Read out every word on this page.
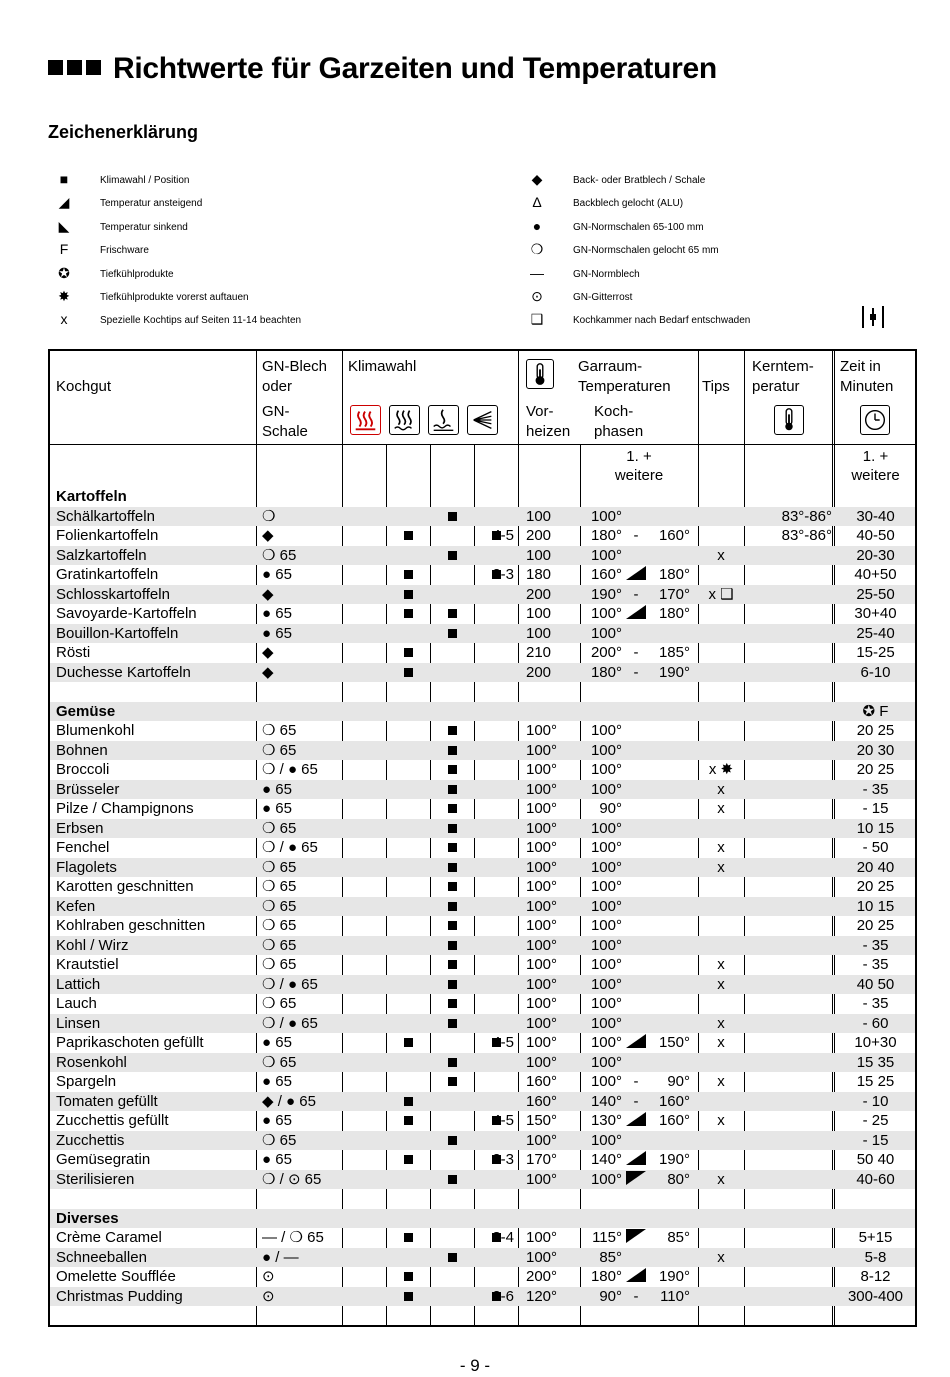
Richtwerte für Garzeiten und Temperaturen
Zeichenerklärung
■	Klimawahl / Position
◢	Temperatur ansteigend
◣	Temperatur sinkend
F	Frischware
✪	Tiefkühlprodukte
✸	Tiefkühlprodukte vorerst auftauen
x	Spezielle Kochtips auf Seiten 11-14 beachten
◆	Back- oder Bratblech / Schale
Δ	Backblech gelocht (ALU)
●	GN-Normschalen 65-100 mm
❍	GN-Normschalen gelocht 65 mm
—	GN-Normblech
⊙	GN-Gitterrost
❑	Kochkammer nach Bedarf entschwaden
Kochgut
GN-Blech
oder
GN-
Schale
Klimawahl	Garraum-
Temperaturen
Vor-
heizen
Koch-
phasen
Tips
Kerntem-
peratur
Zeit in
Minuten
1. +
weitere
1. +
weitere
Kartoffeln
Schälkartoffeln	❍	100	100°	83°-86°	30-40
Folienkartoffeln	◆	4-5 200	180° -	160°	83°-86°	40-50
Salzkartoffeln	❍ 65	100	100°	x	20-30
Gratinkartoffeln	● 65	2-3 180	160°	180°	40+50
Schlosskartoffeln	◆	200	190° -	170°	x ❑	25-50
Savoyarde-Kartoffeln	● 65	100	100°	180°	30+40
Bouillon-Kartoffeln	● 65	100	100°	25-40
Rösti	◆	210	200° -	185°	15-25
Duchesse Kartoffeln	◆	200	180° -	190°	6-10
Gemüse	✪ F
Blumenkohl	❍ 65	100°	100°	20 25
Bohnen	❍ 65	100°	100°	20 30
Broccoli	❍ / ● 65	100°	100°	x ✸	20 25
Brüsseler	● 65	100°	100°	x	- 35
Pilze / Champignons	● 65	100°	90°	x	- 15
Erbsen	❍ 65	100°	100°	10 15
Fenchel	❍ / ● 65	100°	100°	x	- 50
Flagolets	❍ 65	100°	100°	x	20 40
Karotten geschnitten	❍ 65	100°	100°	20 25
Kefen	❍ 65	100°	100°	10 15
Kohlraben geschnitten	❍ 65	100°	100°	20 25
Kohl / Wirz	❍ 65	100°	100°	- 35
Krautstiel	❍ 65	100°	100°	x	- 35
Lattich	❍ / ● 65	100°	100°	x	40 50
Lauch	❍ 65	100°	100°	- 35
Linsen	❍ / ● 65	100°	100°	x	- 60
Paprikaschoten gefüllt	● 65	4-5 100°	100°	150°	x	10+30
Rosenkohl	❍ 65	100°	100°	15 35
Spargeln	● 65	160°	100° -	90°	x	15 25
Tomaten gefüllt	◆ / ● 65	160°	140° -	160°	- 10
Zucchettis gefüllt	● 65	4-5 150°	130°	160°	x	- 25
Zucchettis	❍ 65	100°	100°	- 15
Gemüsegratin	● 65	2-3 170°	140°	190°	50 40
Sterilisieren	❍ / ⊙ 65	100°	100°	80°	x	40-60
Diverses
Crème Caramel	— / ❍ 65	3-4 100°	115°	85°	5+15
Schneeballen	● / —	100°	85°	x	5-8
Omelette Soufflée	⊙	200°	180°	190°	8-12
Christmas Pudding	⊙	2-6 120°	90° -	110°	300-400
- 9 -
